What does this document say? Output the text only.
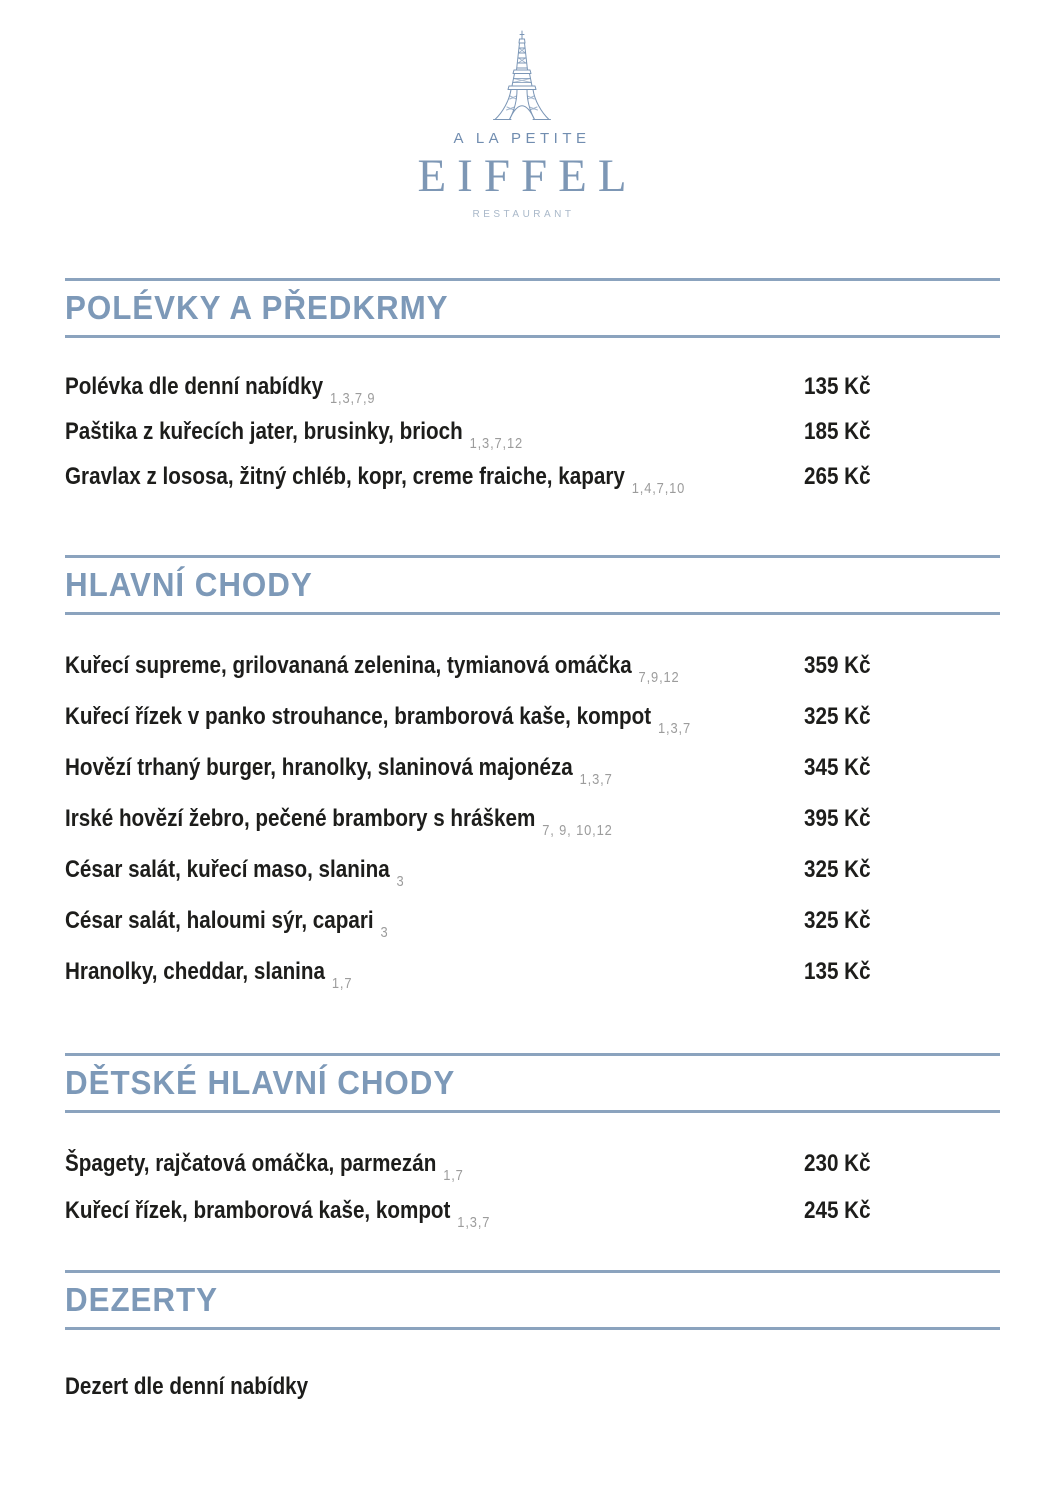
A LA PETITE
EIFFEL
RESTAURANT
POLÉVKY A PŘEDKRMY
Polévka dle denní nabídky 1,3,7,9	135 Kč
Paštika z kuřecích jater, brusinky, brioch 1,3,7,12	185 Kč
Gravlax z lososa, žitný chléb, kopr, creme fraiche, kapary 1,4,7,10	265 Kč
HLAVNÍ CHODY
Kuřecí supreme, grilovananá zelenina, tymianová omáčka 7,9,12	359 Kč
Kuřecí řízek v panko strouhance, bramborová kaše, kompot 1,3,7	325 Kč
Hovězí trhaný burger, hranolky, slaninová majonéza 1,3,7	345 Kč
Irské hovězí žebro, pečené brambory s hráškem 7, 9, 10,12	395 Kč
César salát, kuřecí maso, slanina 3	325 Kč
César salát, haloumi sýr, capari 3	325 Kč
Hranolky, cheddar, slanina 1,7	135 Kč
DĚTSKÉ HLAVNÍ CHODY
Špagety, rajčatová omáčka, parmezán 1,7	230 Kč
Kuřecí řízek, bramborová kaše, kompot 1,3,7	245 Kč
DEZERTY
Dezert dle denní nabídky
